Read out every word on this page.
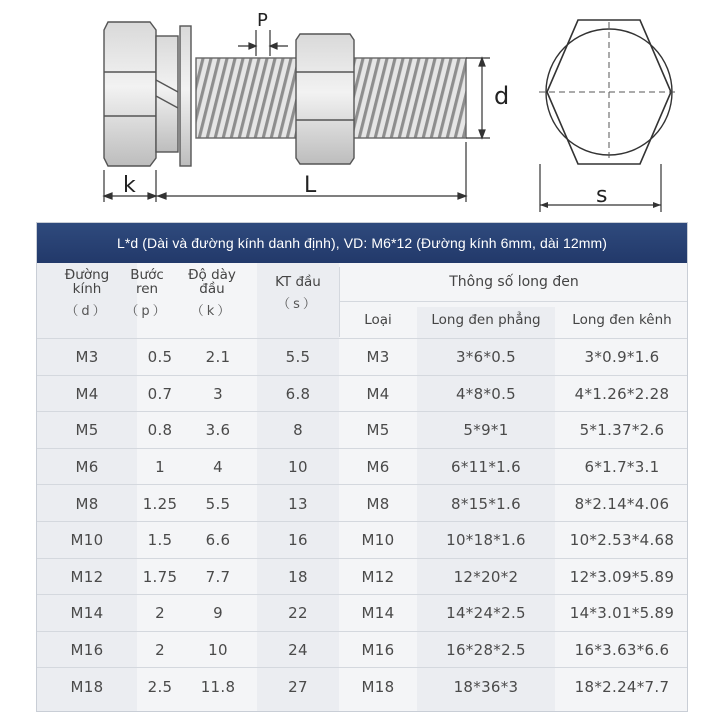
P
d
k	L	s
L*d (Dài và đường kính danh định), VD: M6*12 (Đường kính 6mm, dài 12mm)
Đường kính
（d）
Bước ren
（p）
Độ dày đầu
（k）
KT đầu
（s）
Thông số long đen
Loại	Long đen phẳng	Long đen kênh
M3	0.5	2.1	5.5	M3	3*6*0.5	3*0.9*1.6
M4	0.7	3	6.8	M4	4*8*0.5	4*1.26*2.28
M5	0.8	3.6	8	M5	5*9*1	5*1.37*2.6
M6	1	4	10	M6	6*11*1.6	6*1.7*3.1
M8	1.25	5.5	13	M8	8*15*1.6	8*2.14*4.06
M10	1.5	6.6	16	M10	10*18*1.6	10*2.53*4.68
M12	1.75	7.7	18	M12	12*20*2	12*3.09*5.89
M14	2	9	22	M14	14*24*2.5	14*3.01*5.89
M16	2	10	24	M16	16*28*2.5	16*3.63*6.6
M18	2.5	11.8	27	M18	18*36*3	18*2.24*7.7
